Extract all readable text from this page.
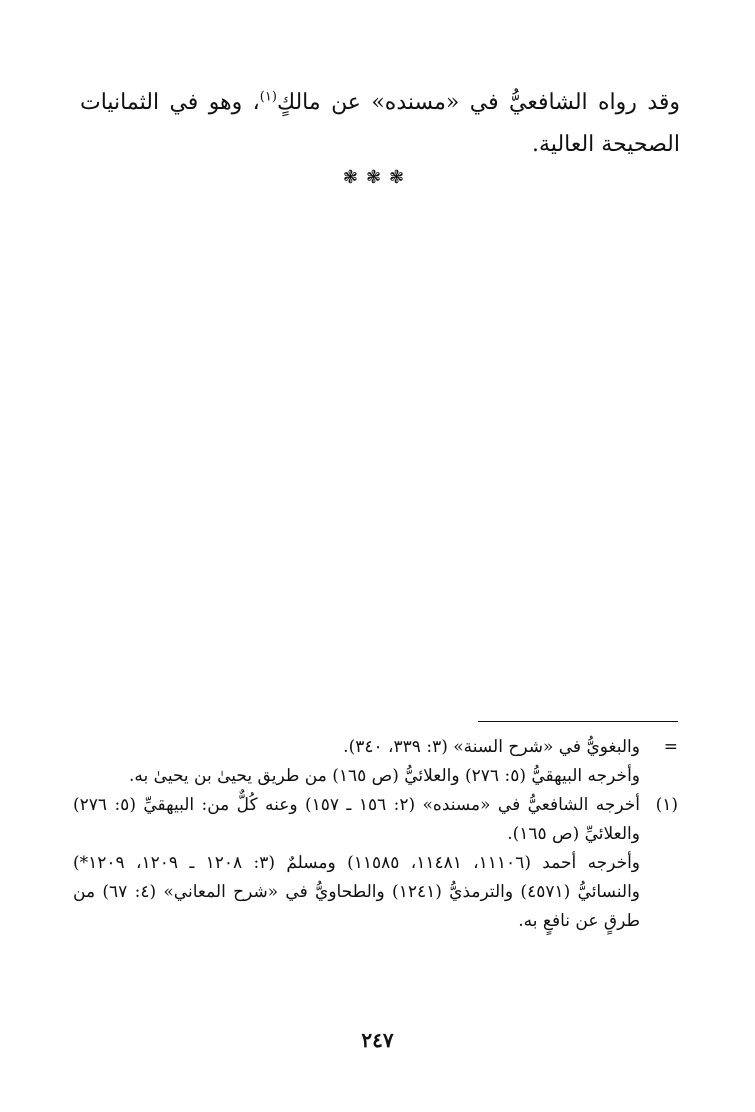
وقد رواه الشافعيُّ في «مسنده» عن مالكٍ$^{(١)}$، وهو في الثمانيات الصحيحة العالية.
❃❃❃
=
والبغويُّ في «شرح السنة» (٣: ٣٣٩، ٣٤٠).
وأخرجه البيهقيُّ (٥: ٢٧٦) والعلائيُّ (ص ١٦٥) من طريق يحيىٰ بن يحيىٰ به.
(١)
أخرجه الشافعيُّ في «مسنده» (٢: ١٥٦ ـ ١٥٧) وعنه كُلٌّ من: البيهقيِّ (٥: ٢٧٦) والعلائيِّ (ص ١٦٥).
وأخرجه أحمد (١١١٠٦، ١١٤٨١، ١١٥٨٥) ومسلمٌ (٣: ١٢٠٨ ـ ١٢٠٩، ١٢٠٩*) والنسائيُّ (٤٥٧١) والترمذيُّ (١٢٤١) والطحاويُّ في «شرح المعاني» (٤: ٦٧) من طرقٍ عن نافعٍ به.
٢٤٧
